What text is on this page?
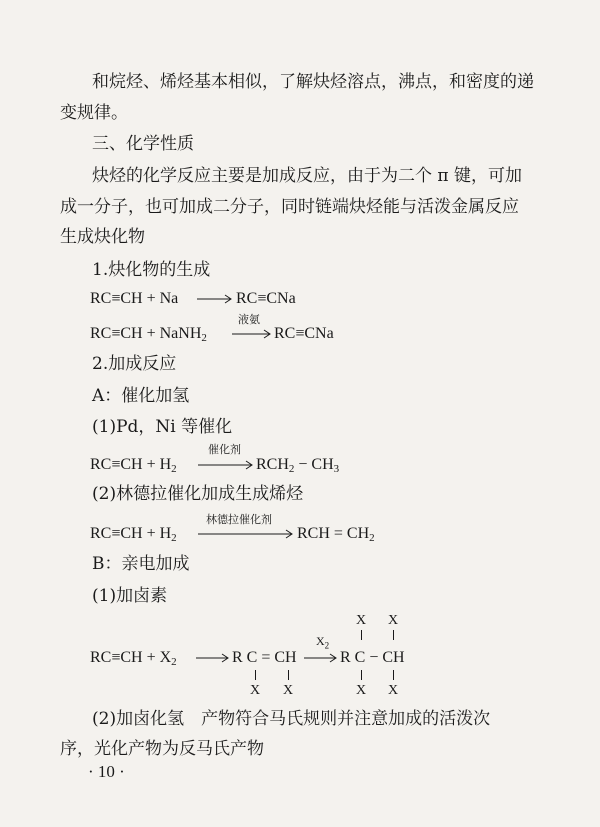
和烷烃、烯烃基本相似，了解炔烃溶点，沸点，和密度的递
变规律。
三、化学性质
炔烃的化学反应主要是加成反应，由于为二个 π 键，可加
成一分子，也可加成二分子，同时链端炔烃能与活泼金属反应
生成炔化物
1.炔化物的生成
RC≡CH + Na → RC≡CNa
液氨
RC≡CH + NaNH$_2$ → RC≡CNa
2.加成反应
A：催化加氢
(1)Pd，Ni 等催化
催化剂
$RC\equiv CH + H_2 \to RCH_2 - CH_3$
(2)林德拉催化加成生成烯烃
林德拉催化剂
$RC\equiv CH + H_2$	RCH = $CH_2$
B：亲电加成
(1)加卤素
X X
$X_2$
$RC\equiv CH + X_2 \to R$ C = CH → R C − CH
X X	X X
(2)加卤化氢　产物符合马氏规则并注意加成的活泼次
序，光化产物为反马氏产物
· 10 ·
